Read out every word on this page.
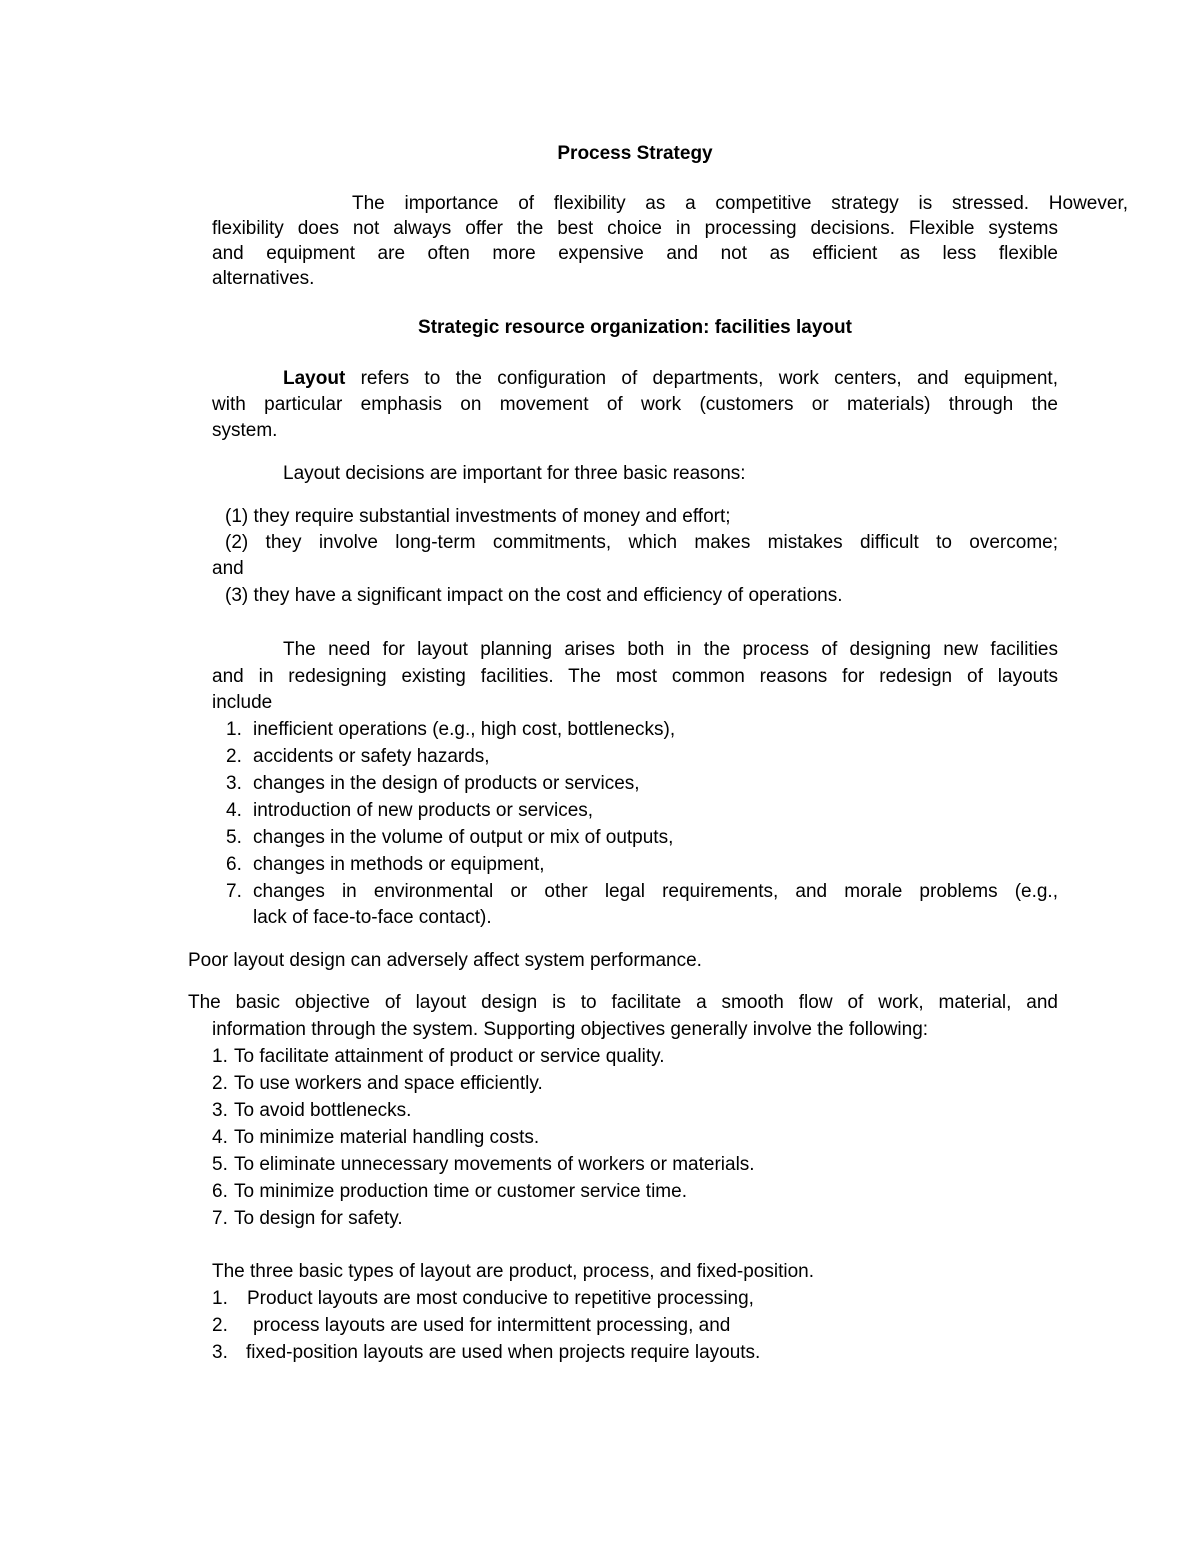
Process Strategy
The importance of flexibility as a competitive strategy is stressed. However,
flexibility does not always offer the best choice in processing decisions. Flexible systems
and equipment are often more expensive and not as efficient as less flexible
alternatives.
Strategic resource organization: facilities layout
Layout refers to the configuration of departments, work centers, and equipment,
with particular emphasis on movement of work (customers or materials) through the
system.
Layout decisions are important for three basic reasons:
(1) they require substantial investments of money and effort;
(2) they involve long-term commitments, which makes mistakes difficult to overcome;
and
(3) they have a significant impact on the cost and efficiency of operations.
The need for layout planning arises both in the process of designing new facilities
and in redesigning existing facilities. The most common reasons for redesign of layouts
include
1. inefficient operations (e.g., high cost, bottlenecks),
2. accidents or safety hazards,
3. changes in the design of products or services,
4. introduction of new products or services,
5. changes in the volume of output or mix of outputs,
6. changes in methods or equipment,
7. changes in environmental or other legal requirements, and morale problems (e.g.,
lack of face-to-face contact).
Poor layout design can adversely affect system performance.
The basic objective of layout design is to facilitate a smooth flow of work, material, and
information through the system. Supporting objectives generally involve the following:
1. To facilitate attainment of product or service quality.
2. To use workers and space efficiently.
3. To avoid bottlenecks.
4. To minimize material handling costs.
5. To eliminate unnecessary movements of workers or materials.
6. To minimize production time or customer service time.
7. To design for safety.
The three basic types of layout are product, process, and fixed-position.
1. Product layouts are most conducive to repetitive processing,
2. process layouts are used for intermittent processing, and
3. fixed-position layouts are used when projects require layouts.
